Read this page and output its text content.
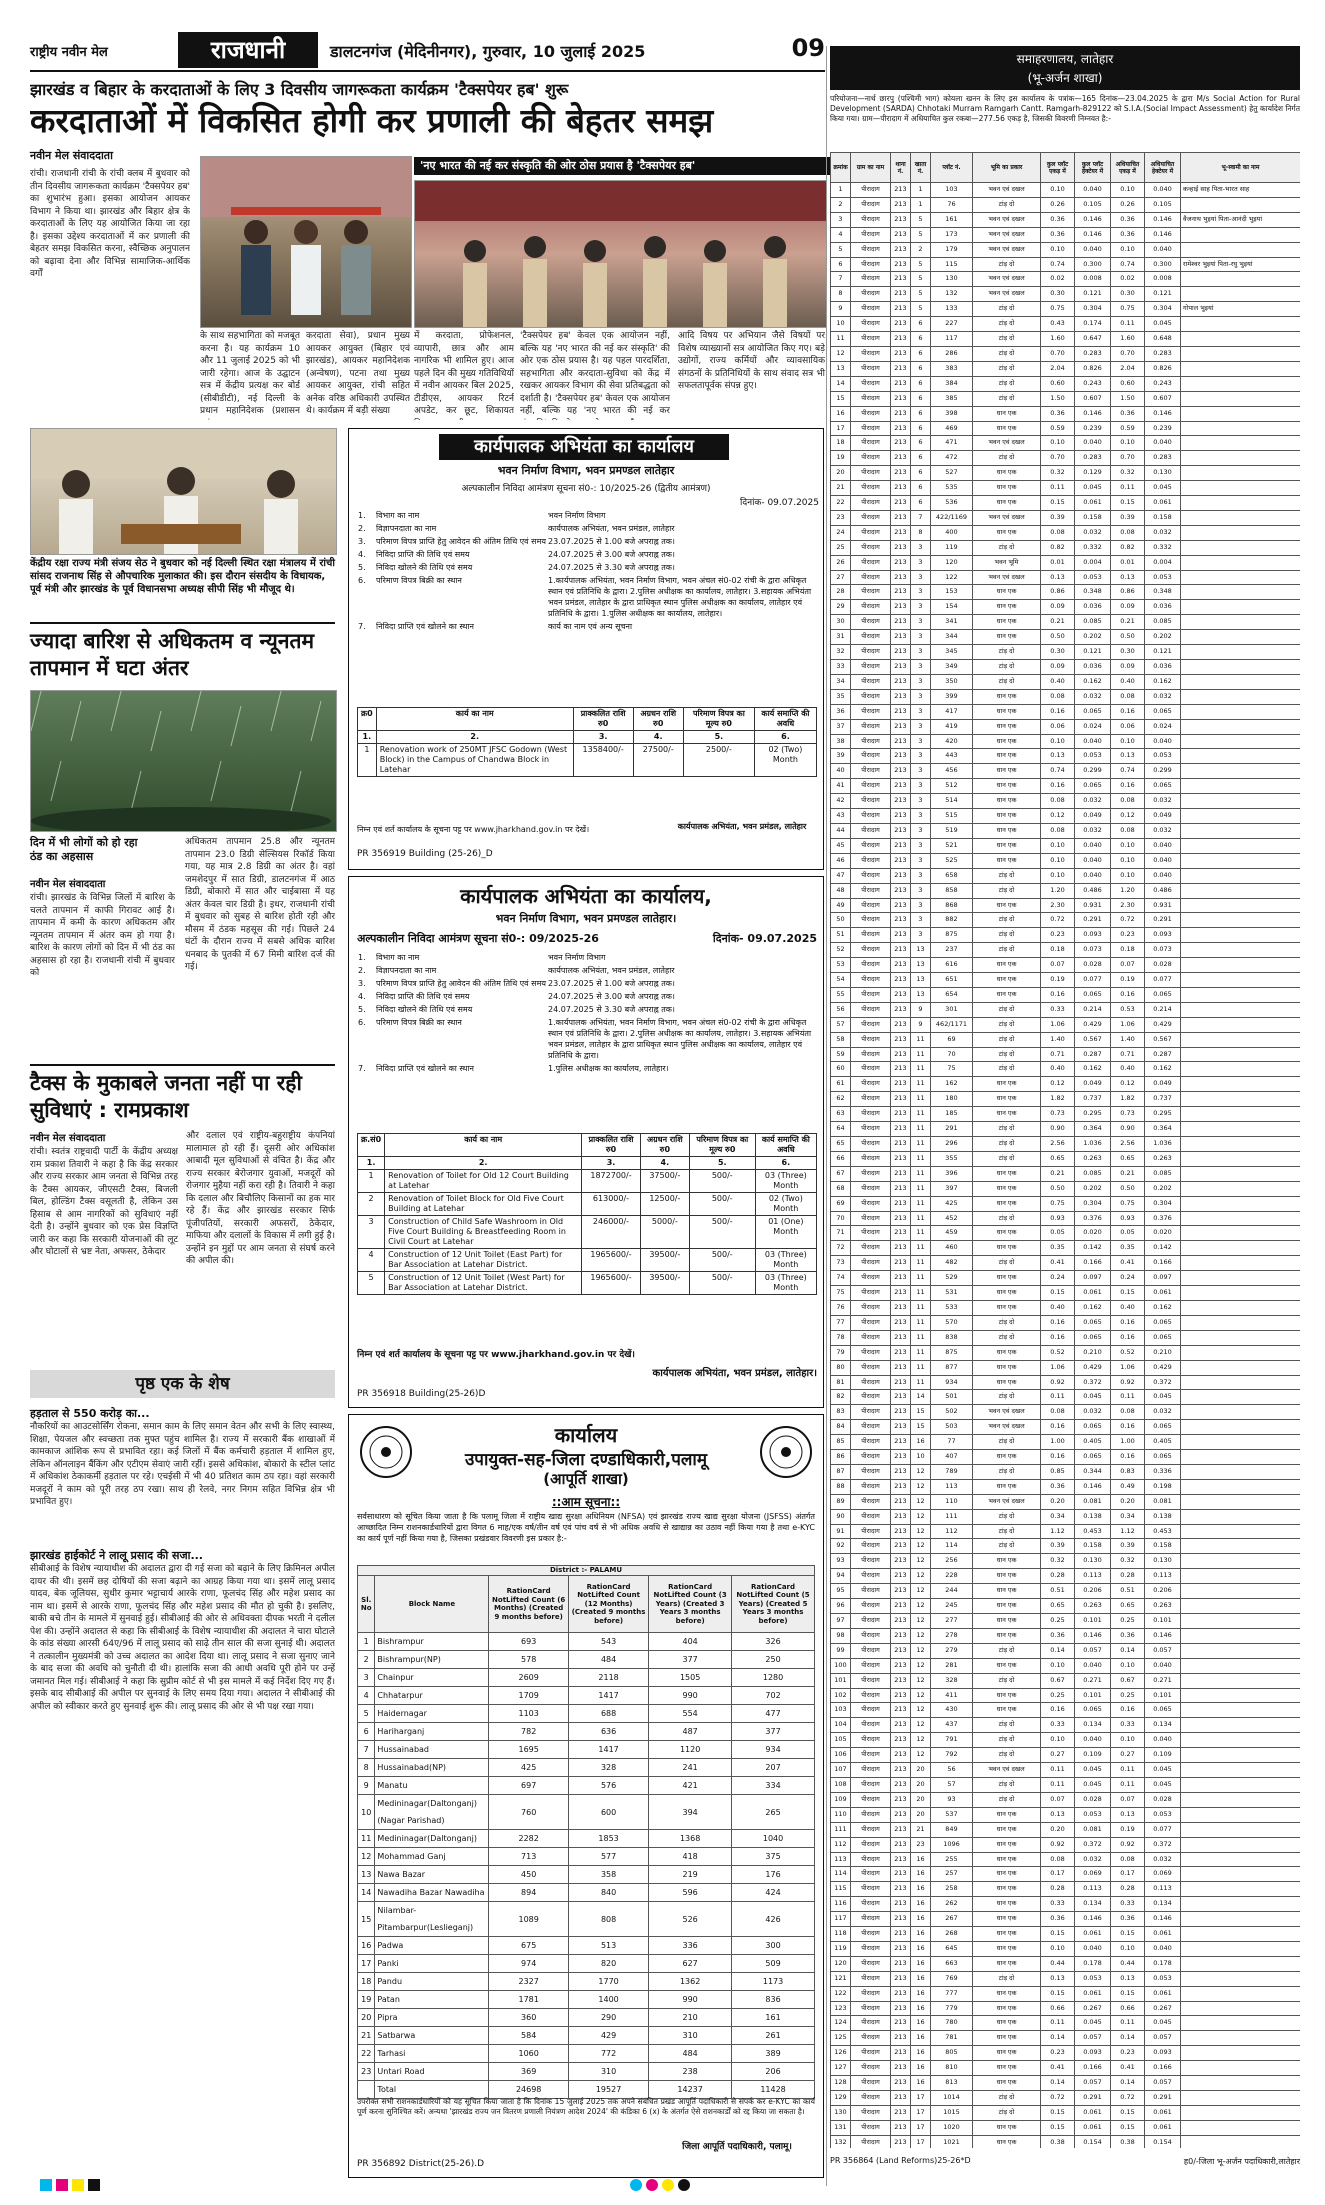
राष्ट्रीय नवीन मेल	राजधानी	डालटनगंज (मेदिनीनगर), गुरुवार, 10 जुलाई 2025	09
झारखंड व बिहार के करदाताओं के लिए 3 दिवसीय जागरूकता कार्यक्रम 'टैक्सपेयर हब' शुरू
करदाताओं में विकसित होगी कर प्रणाली की बेहतर समझ
नवीन मेल संवाददाता
रांची। राजधानी रांची के रांची क्लब में बुधवार को तीन दिवसीय जागरूकता कार्यक्रम 'टैक्सपेयर हब' का शुभारंभ हुआ। इसका आयोजन आयकर विभाग ने किया था। झारखंड और बिहार क्षेत्र के करदाताओं के लिए यह आयोजित किया जा रहा है। इसका उद्देश्य करदाताओं में कर प्रणाली की बेहतर समझ विकसित करना, स्वैच्छिक अनुपालन को बढ़ावा देना और विभिन्न सामाजिक-आर्थिक वर्गों
'नए भारत की नई कर संस्कृति की ओर ठोस प्रयास है 'टैक्सपेयर हब'
के साथ सहभागिता को मजबूत करना है। यह कार्यक्रम 10 और 11 जुलाई 2025 को भी जारी रहेगा। आज के उद्घाटन सत्र में केंद्रीय प्रत्यक्ष कर बोर्ड (सीबीडीटी), नई दिल्ली के प्रधान महानिदेशक (प्रशासन
करदाता सेवा), प्रधान मुख्य आयकर आयुक्त (बिहार एवं झारखंड), आयकर महानिदेशक (अन्वेषण), पटना तथा मुख्य आयकर आयुक्त, रांची सहित अनेक वरिष्ठ अधिकारी उपस्थित थे। कार्यक्रम में बड़ी संख्या
में करदाता, प्रोफेशनल, व्यापारी, छात्र और आम नागरिक भी शामिल हुए। आज पहले दिन की मुख्य गतिविधियों में नवीन आयकर बिल 2025, टीडीएस, आयकर रिटर्न अपडेट, कर छूट, शिकायत
'टैक्सपेयर हब' केवल एक आयोजन नहीं, बल्कि यह 'नए भारत की नई कर संस्कृति' की ओर एक ठोस प्रयास है। यह पहल पारदर्शिता, सहभागिता और करदाता-सुविधा को केंद्र में रखकर आयकर विभाग की सेवा प्रतिबद्धता को दर्शाती है। 'टैक्सपेयर हब' केवल एक आयोजन नहीं, बल्कि यह 'नए भारत की नई कर
आदि विषय पर अभियान जैसे विषयों पर विशेष व्याख्यानों सत्र आयोजित किए गए। बड़े उद्योगों, राज्य कर्मियों और व्यावसायिक संगठनों के प्रतिनिधियों के साथ संवाद सत्र भी सफलतापूर्वक संपन्न हुए।
केंद्रीय रक्षा राज्य मंत्री संजय सेठ ने बुधवार को नई दिल्ली स्थित रक्षा मंत्रालय में रांची सांसद राजनाथ सिंह से औपचारिक मुलाकात की। इस दौरान संसदीय के विधायक, पूर्व मंत्री और झारखंड के पूर्व विधानसभा अध्यक्ष सीपी सिंह भी मौजूद थे।
ज्यादा बारिश से अधिकतम व न्यूनतम तापमान में घटा अंतर
दिन में भी लोगों को हो रहा ठंड का अहसास
नवीन मेल संवाददाता
रांची। झारखंड के विभिन्न जिलों में बारिश के चलते तापमान में काफी गिरावट आई है। तापमान में कमी के कारण अधिकतम और न्यूनतम तापमान में अंतर कम हो गया है। बारिश के कारण लोगों को दिन में भी ठंड का अहसास हो रहा है। राजधानी रांची में बुधवार को
अधिकतम तापमान 25.8 और न्यूनतम तापमान 23.0 डिग्री सेल्सियस रिकॉर्ड किया गया, यह मात्र 2.8 डिग्री का अंतर है। वहां जमशेदपुर में सात डिग्री, डालटनगंज में आठ डिग्री, बोकारो में सात और चाईबासा में यह अंतर केवल चार डिग्री है। इधर, राजधानी रांची में बुधवार को सुबह से बारिश होती रही और मौसम में ठंडक महसूस की गई। पिछले 24 घंटों के दौरान राज्य में सबसे अधिक बारिश धनबाद के पुतकी में 67 मिमी बारिश दर्ज की गई।
टैक्स के मुकाबले जनता नहीं पा रही सुविधाएं : रामप्रकाश
नवीन मेल संवाददाता
रांची। स्वतंत्र राष्ट्रवादी पार्टी के केंद्रीय अध्यक्ष राम प्रकाश तिवारी ने कहा है कि केंद्र सरकार और राज्य सरकार आम जनता से विभिन्न तरह के टैक्स आयकर, जीएसटी टैक्स, बिजली बिल, होल्डिंग टैक्स वसूलती है, लेकिन उस हिसाब से आम नागरिकों को सुविधाएं नहीं देती है। उन्होंने बुधवार को एक प्रेस विज्ञप्ति जारी कर कहा कि सरकारी योजनाओं की लूट और घोटालों से भ्रष्ट नेता, अफसर, ठेकेदार
और दलाल एवं राष्ट्रीय-बहुराष्ट्रीय कंपनियां मालामाल हो रही हैं। दूसरी ओर अधिकांश आबादी मूल सुविधाओं से वंचित है। केंद्र और राज्य सरकार बेरोजगार युवाओं, मजदूरों को रोजगार मुहैया नहीं करा रही है। तिवारी ने कहा कि दलाल और बिचौलिए किसानों का हक मार रहे हैं। केंद्र और झारखंड सरकार सिर्फ पूंजीपतियों, सरकारी अफसरों, ठेकेदार, माफिया और दलालों के विकास में लगी हुई है। उन्होंने इन मुद्दों पर आम जनता से संघर्ष करने की अपील की।
पृष्ठ एक के शेष
हड़ताल से 550 करोड़ का...
नौकरियों का आउटसोर्सिंग रोकना, समान काम के लिए समान वेतन और सभी के लिए स्वास्थ्य, शिक्षा, पेयजल और स्वच्छता तक मुफ्त पहुंच शामिल है। राज्य में सरकारी बैंक शाखाओं में कामकाज आंशिक रूप से प्रभावित रहा। कई जिलों में बैंक कर्मचारी हड़ताल में शामिल हुए, लेकिन ऑनलाइन बैंकिंग और एटीएम सेवाएं जारी रहीं। इससे अधिकांश, बोकारो के स्टील प्लांट में अधिकांश ठेकाकर्मी हड़ताल पर रहे। एचईसी में भी 40 प्रतिशत काम ठप रहा। वहां सरकारी मजदूरों ने काम को पूरी तरह ठप रखा। साथ ही रेलवे, नगर निगम सहित विभिन्न क्षेत्र भी प्रभावित हुए।
झारखंड हाईकोर्ट ने लालू प्रसाद की सजा...
सीबीआई के विशेष न्यायाधीश की अदालत द्वारा दी गई सजा को बढ़ाने के लिए क्रिमिनल अपील दायर की थी। इसमें छह दोषियों की सजा बढ़ाने का आग्रह किया गया था। इसमें लालू प्रसाद यादव, बेक जूलियस, सुधीर कुमार भट्टाचार्य आरके राणा, फूलचंद सिंह और महेश प्रसाद का नाम था। इसमें से आरके राणा, फूलचंद सिंह और महेश प्रसाद की मौत हो चुकी है। इसलिए, बाकी बचे तीन के मामले में सुनवाई हुई। सीबीआई की ओर से अधिवक्ता दीपक भरती ने दलील पेश की। उन्होंने अदालत से कहा कि सीबीआई के विशेष न्यायाधीश की अदालत ने चारा घोटाले के कांड संख्या आरसी 64ए/96 में लालू प्रसाद को साढ़े तीन साल की सजा सुनाई थी। अदालत ने तत्कालीन मुख्यमंत्री को उच्च अदालत का आदेश दिया था। लालू प्रसाद ने सजा सुनाए जाने के बाद सजा की अवधि को चुनौती दी थी। हालांकि सजा की आधी अवधि पूरी होने पर उन्हें जमानत मिल गई। सीबीआई ने कहा कि सुप्रीम कोर्ट से भी इस मामले में कई निर्देश दिए गए हैं। इसके बाद सीबीआई की अपील पर सुनवाई के लिए समय दिया गया। अदालत ने सीबीआई की अपील को स्वीकार करते हुए सुनवाई शुरू की। लालू प्रसाद की ओर से भी पक्ष रखा गया।
कार्यपालक अभियंता का कार्यालय
भवन निर्माण विभाग, भवन प्रमण्डल लातेहार
अल्पकालीन निविदा आमंत्रण सूचना सं0-: 10/2025-26 (द्वितीय आमंत्रण)
दिनांक- 09.07.2025
1.	विभाग का नाम	भवन निर्माण विभाग
2.	विज्ञापनदाता का नाम	कार्यपालक अभियंता, भवन प्रमंडल, लातेहार
3.	परिमाण विपत्र प्राप्ति हेतु आवेदन की अंतिम तिथि एवं समय	23.07.2025 से 1.00 बजे अपराह्न तक।
4.	निविदा प्राप्ति की तिथि एवं समय	24.07.2025 से 3.00 बजे अपराह्न तक।
5.	निविदा खोलने की तिथि एवं समय	24.07.2025 से 3.30 बजे अपराह्न तक।
6.	परिमाण विपत्र बिक्री का स्थान	1.कार्यपालक अभियंता, भवन निर्माण विभाग, भवन अंचल सं0-02 रांची के द्वारा अधिकृत स्थान एवं प्रतिनिधि के द्वारा। 2.पुलिस अधीक्षक का कार्यालय, लातेहार। 3.सहायक अभियंता भवन प्रमंडल, लातेहार के द्वारा प्राधिकृत स्थान पुलिस अधीक्षक का कार्यालय, लातेहार एवं प्रतिनिधि के द्वारा। 1.पुलिस अधीक्षक का कार्यालय, लातेहार।
7.	निविदा प्राप्ति एवं खोलने का स्थान	कार्य का नाम एवं अन्य सूचना
क्र0	कार्य का नाम	प्राक्कलित राशि रु0	अग्रधन राशि रु0	परिमाण विपत्र का मूल्य रु0	कार्य समाप्ति की अवधि
1.	2.	3.	4.	5.	6.
1	Renovation work of 250MT JFSC Godown (West Block) in the Campus of Chandwa Block in Latehar	1358400/-	27500/-	2500/-	02 (Two) Month
निम्न एवं शर्त कार्यालय के सूचना पट्ट पर www.jharkhand.gov.in पर देखें।	कार्यपालक अभियंता, भवन प्रमंडल, लातेहार
PR 356919 Building (25-26)_D
कार्यपालक अभियंता का कार्यालय,
भवन निर्माण विभाग, भवन प्रमण्डल लातेहार।
अल्पकालीन निविदा आमंत्रण सूचना सं0-: 09/2025-26	दिनांक- 09.07.2025
1.	विभाग का नाम	भवन निर्माण विभाग
2.	विज्ञापनदाता का नाम	कार्यपालक अभियंता, भवन प्रमंडल, लातेहार
3.	परिमाण विपत्र प्राप्ति हेतु आवेदन की अंतिम तिथि एवं समय	23.07.2025 से 1.00 बजे अपराह्न तक।
4.	निविदा प्राप्ति की तिथि एवं समय	24.07.2025 से 3.00 बजे अपराह्न तक।
5.	निविदा खोलने की तिथि एवं समय	24.07.2025 से 3.30 बजे अपराह्न तक।
6.	परिमाण विपत्र बिक्री का स्थान	1.कार्यपालक अभियंता, भवन निर्माण विभाग, भवन अंचल सं0-02 रांची के द्वारा अधिकृत स्थान एवं प्रतिनिधि के द्वारा। 2.पुलिस अधीक्षक का कार्यालय, लातेहार। 3.सहायक अभियंता भवन प्रमंडल, लातेहार के द्वारा प्राधिकृत स्थान पुलिस अधीक्षक का कार्यालय, लातेहार एवं प्रतिनिधि के द्वारा।
7.	निविदा प्राप्ति एवं खोलने का स्थान	1.पुलिस अधीक्षक का कार्यालय, लातेहार।
क्र.सं0	कार्य का नाम	प्राक्कलित राशि रु0	अग्रधन राशि रु0	परिमाण विपत्र का मूल्य रु0	कार्य समाप्ति की अवधि
1.	2.	3.	4.	5.	6.
1	Renovation of Toilet for Old 12 Court Building at Latehar	1872700/-	37500/-	500/-	03 (Three) Month
2	Renovation of Toilet Block for Old Five Court Building at Latehar	613000/-	12500/-	500/-	02 (Two) Month
3	Construction of Child Safe Washroom in Old Five Court Building & Breastfeeding Room in Civil Court at Latehar	246000/-	5000/-	500/-	01 (One) Month
4	Construction of 12 Unit Toilet (East Part) for Bar Association at Latehar District.	1965600/-	39500/-	500/-	03 (Three) Month
5	Construction of 12 Unit Toilet (West Part) for Bar Association at Latehar District.	1965600/-	39500/-	500/-	03 (Three) Month
निम्न एवं शर्त कार्यालय के सूचना पट्ट पर www.jharkhand.gov.in पर देखें।
कार्यपालक अभियंता, भवन प्रमंडल, लातेहार।
PR 356918 Building(25-26)D
कार्यालय
उपायुक्त-सह-जिला दण्डाधिकारी,पलामू
(आपूर्ति शाखा)
::आम सूचना::
सर्वसाधारण को सूचित किया जाता है कि पलामू जिला में राष्ट्रीय खाद्य सुरक्षा अधिनियम (NFSA) एवं झारखंड राज्य खाद्य सुरक्षा योजना (JSFSS) अंतर्गत आच्छादित निम्न राशनकार्डधारियों द्वारा विगत 6 माह/एक वर्ष/तीन वर्ष एवं पांच वर्ष से भी अधिक अवधि से खाद्यान्न का उठाव नहीं किया गया है तथा e-KYC का कार्य पूर्ण नहीं किया गया है, जिसका प्रखंडवार विवरणी इस प्रकार है:-
District :- PALAMU					
Sl. No	Block Name	RationCard NotLifted Count (6 Months) (Created 9 months before)	RationCard NotLifted Count (12 Months) (Created 9 months before)	RationCard NotLifted Count (3 Years) (Created 3 Years 3 months before)	RationCard NotLifted Count (5 Years) (Created 5 Years 3 months before)
1	Bishrampur	693	543	404	326
2	Bishrampur(NP)	578	484	377	250
3	Chainpur	2609	2118	1505	1280
4	Chhatarpur	1709	1417	990	702
5	Haidernagar	1103	688	554	477
6	Hariharganj	782	636	487	377
7	Hussainabad	1695	1417	1120	934
8	Hussainabad(NP)	425	328	241	207
9	Manatu	697	576	421	334
10	Medininagar(Daltonganj)(Nagar Parishad)	760	600	394	265
11	Medininagar(Daltonganj)	2282	1853	1368	1040
12	Mohammad Ganj	713	577	418	375
13	Nawa Bazar	450	358	219	176
14	Nawadiha Bazar Nawadiha	894	840	596	424
15	Nilambar-Pitambarpur(Leslieganj)	1089	808	526	426
16	Padwa	675	513	336	300
17	Panki	974	820	627	509
18	Pandu	2327	1770	1362	1173
19	Patan	1781	1400	990	836
20	Pipra	360	290	210	161
21	Satbarwa	584	429	310	261
22	Tarhasi	1060	772	484	389
23	Untari Road	369	310	238	206
	Total	24698	19527	14237	11428
उपरोक्त सभी राशनकार्डधारियों को यह सूचित किया जाता है कि दिनांक 15 जुलाई 2025 तक अपने संबंधित प्रखंड आपूर्ति पदाधिकारी से संपर्क कर e-KYC का कार्य पूर्ण करना सुनिश्चित करें। अन्यथा 'झारखंड राज्य जन वितरण प्रणाली नियंत्रण आदेश 2024' की कंडिका 6 (x) के अंतर्गत ऐसे राशनकार्डों को रद्द किया जा सकता है।
जिला आपूर्ति पदाधिकारी, पलामू।
PR 356892 District(25-26).D
समाहरणालय, लातेहार
(भू-अर्जन शाखा)
परियोजना—नार्थ छारपु (पश्चिमी भाग) कोयला खनन के लिए इस कार्यालय के पत्रांक—165 दिनांक—23.04.2025 के द्वारा M/s Social Action for Rural Development (SARDA) Chhotaki Murram Ramgarh Cantt. Ramgarh-829122 को S.I.A.(Social Impact Assessment) हेतु कार्यादेश निर्गत किया गया। ग्राम—पीरादाग में अधियाचित कुल रकबा—277.56 एकड़ है, जिसकी विवरणी निम्नवत है:-
क्रमांक	ग्राम का नाम	थाना नं.	खाता नं.	प्लॉट नं.	भूमि का प्रकार	कुल प्लॉट एकड़ में	कुल प्लॉट हेक्टेयर में	अधियाचित एकड़ में	अधियाचित हेक्टेयर में	भू-स्वामी का नाम
1	पीरादाग	213	1	103	भवन एवं दखल	0.10	0.040	0.10	0.040	कन्हाई साह पिता-भारत साह
2	पीरादाग	213	1	76	टांड़ दो	0.26	0.105	0.26	0.105	
3	पीरादाग	213	5	161	भवन एवं दखल	0.36	0.146	0.36	0.146	वैजनाथ भुइयां पिता-आनंदी भुइयां
4	पीरादाग	213	5	173	भवन एवं दखल	0.36	0.146	0.36	0.146	
5	पीरादाग	213	2	179	भवन एवं दखल	0.10	0.040	0.10	0.040	
6	पीरादाग	213	5	115	टांड़ दो	0.74	0.300	0.74	0.300	रामेश्वर भुइयां पिता-रघु भुइयां
7	पीरादाग	213	5	130	भवन एवं दखल	0.02	0.008	0.02	0.008	
8	पीरादाग	213	5	132	भवन एवं दखल	0.30	0.121	0.30	0.121	
9	पीरादाग	213	5	133	टांड़ दो	0.75	0.304	0.75	0.304	गोपाल भुइयां
10	पीरादाग	213	6	227	टांड़ दो	0.43	0.174	0.11	0.045	
11	पीरादाग	213	6	117	टांड़ दो	1.60	0.647	1.60	0.648	
12	पीरादाग	213	6	286	टांड़ दो	0.70	0.283	0.70	0.283	
13	पीरादाग	213	6	383	टांड़ दो	2.04	0.826	2.04	0.826	
14	पीरादाग	213	6	384	टांड़ दो	0.60	0.243	0.60	0.243	
15	पीरादाग	213	6	385	टांड़ दो	1.50	0.607	1.50	0.607	
16	पीरादाग	213	6	398	धान एक	0.36	0.146	0.36	0.146	
17	पीरादाग	213	6	469	धान एक	0.59	0.239	0.59	0.239	
18	पीरादाग	213	6	471	भवन एवं दखल	0.10	0.040	0.10	0.040	
19	पीरादाग	213	6	472	टांड़ दो	0.70	0.283	0.70	0.283	
20	पीरादाग	213	6	527	धान एक	0.32	0.129	0.32	0.130	
21	पीरादाग	213	6	535	धान एक	0.11	0.045	0.11	0.045	
22	पीरादाग	213	6	536	धान एक	0.15	0.061	0.15	0.061	
23	पीरादाग	213	7	422/1169	भवन एवं दखल	0.39	0.158	0.39	0.158	
24	पीरादाग	213	8	400	धान एक	0.08	0.032	0.08	0.032	
25	पीरादाग	213	3	119	टांड़ दो	0.82	0.332	0.82	0.332	
26	पीरादाग	213	3	120	भवन भूमि	0.01	0.004	0.01	0.004	
27	पीरादाग	213	3	122	भवन एवं दखल	0.13	0.053	0.13	0.053	
28	पीरादाग	213	3	153	धान एक	0.86	0.348	0.86	0.348	
29	पीरादाग	213	3	154	धान एक	0.09	0.036	0.09	0.036	
30	पीरादाग	213	3	341	धान एक	0.21	0.085	0.21	0.085	
31	पीरादाग	213	3	344	धान एक	0.50	0.202	0.50	0.202	
32	पीरादाग	213	3	345	टांड़ दो	0.30	0.121	0.30	0.121	
33	पीरादाग	213	3	349	टांड़ दो	0.09	0.036	0.09	0.036	
34	पीरादाग	213	3	350	टांड़ दो	0.40	0.162	0.40	0.162	
35	पीरादाग	213	3	399	धान एक	0.08	0.032	0.08	0.032	
36	पीरादाग	213	3	417	धान एक	0.16	0.065	0.16	0.065	
37	पीरादाग	213	3	419	धान एक	0.06	0.024	0.06	0.024	
38	पीरादाग	213	3	420	धान एक	0.10	0.040	0.10	0.040	
39	पीरादाग	213	3	443	धान एक	0.13	0.053	0.13	0.053	
40	पीरादाग	213	3	456	धान एक	0.74	0.299	0.74	0.299	
41	पीरादाग	213	3	512	धान एक	0.16	0.065	0.16	0.065	
42	पीरादाग	213	3	514	धान एक	0.08	0.032	0.08	0.032	
43	पीरादाग	213	3	515	धान एक	0.12	0.049	0.12	0.049	
44	पीरादाग	213	3	519	धान एक	0.08	0.032	0.08	0.032	
45	पीरादाग	213	3	521	धान एक	0.10	0.040	0.10	0.040	
46	पीरादाग	213	3	525	धान एक	0.10	0.040	0.10	0.040	
47	पीरादाग	213	3	658	टांड़ दो	0.10	0.040	0.10	0.040	
48	पीरादाग	213	3	858	टांड़ दो	1.20	0.486	1.20	0.486	
49	पीरादाग	213	3	868	धान एक	2.30	0.931	2.30	0.931	
50	पीरादाग	213	3	882	टांड़ दो	0.72	0.291	0.72	0.291	
51	पीरादाग	213	3	875	टांड़ दो	0.23	0.093	0.23	0.093	
52	पीरादाग	213	13	237	टांड़ दो	0.18	0.073	0.18	0.073	
53	पीरादाग	213	13	616	धान एक	0.07	0.028	0.07	0.028	
54	पीरादाग	213	13	651	धान एक	0.19	0.077	0.19	0.077	
55	पीरादाग	213	13	654	धान एक	0.16	0.065	0.16	0.065	
56	पीरादाग	213	9	301	टांड़ दो	0.33	0.214	0.53	0.214	
57	पीरादाग	213	9	462/1171	टांड़ दो	1.06	0.429	1.06	0.429	
58	पीरादाग	213	11	69	टांड़ दो	1.40	0.567	1.40	0.567	
59	पीरादाग	213	11	70	टांड़ दो	0.71	0.287	0.71	0.287	
60	पीरादाग	213	11	75	टांड़ दो	0.40	0.162	0.40	0.162	
61	पीरादाग	213	11	162	धान एक	0.12	0.049	0.12	0.049	
62	पीरादाग	213	11	180	धान एक	1.82	0.737	1.82	0.737	
63	पीरादाग	213	11	185	धान एक	0.73	0.295	0.73	0.295	
64	पीरादाग	213	11	291	टांड़ दो	0.90	0.364	0.90	0.364	
65	पीरादाग	213	11	296	टांड़ दो	2.56	1.036	2.56	1.036	
66	पीरादाग	213	11	355	टांड़ दो	0.65	0.263	0.65	0.263	
67	पीरादाग	213	11	396	धान एक	0.21	0.085	0.21	0.085	
68	पीरादाग	213	11	397	धान एक	0.50	0.202	0.50	0.202	
69	पीरादाग	213	11	425	धान एक	0.75	0.304	0.75	0.304	
70	पीरादाग	213	11	452	टांड़ दो	0.93	0.376	0.93	0.376	
71	पीरादाग	213	11	459	धान एक	0.05	0.020	0.05	0.020	
72	पीरादाग	213	11	460	धान एक	0.35	0.142	0.35	0.142	
73	पीरादाग	213	11	482	टांड़ दो	0.41	0.166	0.41	0.166	
74	पीरादाग	213	11	529	धान एक	0.24	0.097	0.24	0.097	
75	पीरादाग	213	11	531	धान एक	0.15	0.061	0.15	0.061	
76	पीरादाग	213	11	533	धान एक	0.40	0.162	0.40	0.162	
77	पीरादाग	213	11	570	टांड़ दो	0.16	0.065	0.16	0.065	
78	पीरादाग	213	11	838	टांड़ दो	0.16	0.065	0.16	0.065	
79	पीरादाग	213	11	875	धान एक	0.52	0.210	0.52	0.210	
80	पीरादाग	213	11	877	धान एक	1.06	0.429	1.06	0.429	
81	पीरादाग	213	11	934	धान एक	0.92	0.372	0.92	0.372	
82	पीरादाग	213	14	501	टांड़ दो	0.11	0.045	0.11	0.045	
83	पीरादाग	213	15	502	भवन एवं दखल	0.08	0.032	0.08	0.032	
84	पीरादाग	213	15	503	भवन एवं दखल	0.16	0.065	0.16	0.065	
85	पीरादाग	213	16	77	टांड़ दो	1.00	0.405	1.00	0.405	
86	पीरादाग	213	10	407	धान एक	0.16	0.065	0.16	0.065	
87	पीरादाग	213	12	789	टांड़ दो	0.85	0.344	0.83	0.336	
88	पीरादाग	213	12	113	धान एक	0.36	0.146	0.49	0.198	
89	पीरादाग	213	12	110	भवन एवं दखल	0.20	0.081	0.20	0.081	
90	पीरादाग	213	12	111	टांड़ दो	0.34	0.138	0.34	0.138	
91	पीरादाग	213	12	112	टांड़ दो	1.12	0.453	1.12	0.453	
92	पीरादाग	213	12	114	टांड़ दो	0.39	0.158	0.39	0.158	
93	पीरादाग	213	12	256	धान एक	0.32	0.130	0.32	0.130	
94	पीरादाग	213	12	228	धान एक	0.28	0.113	0.28	0.113	
95	पीरादाग	213	12	244	धान एक	0.51	0.206	0.51	0.206	
96	पीरादाग	213	12	245	धान एक	0.65	0.263	0.65	0.263	
97	पीरादाग	213	12	277	धान एक	0.25	0.101	0.25	0.101	
98	पीरादाग	213	12	278	धान एक	0.36	0.146	0.36	0.146	
99	पीरादाग	213	12	279	टांड़ दो	0.14	0.057	0.14	0.057	
100	पीरादाग	213	12	281	धान एक	0.10	0.040	0.10	0.040	
101	पीरादाग	213	12	328	टांड़ दो	0.67	0.271	0.67	0.271	
102	पीरादाग	213	12	411	धान एक	0.25	0.101	0.25	0.101	
103	पीरादाग	213	12	430	धान एक	0.16	0.065	0.16	0.065	
104	पीरादाग	213	12	437	टांड़ दो	0.33	0.134	0.33	0.134	
105	पीरादाग	213	12	791	टांड़ दो	0.10	0.040	0.10	0.040	
106	पीरादाग	213	12	792	टांड़ दो	0.27	0.109	0.27	0.109	
107	पीरादाग	213	20	56	भवन एवं दखल	0.11	0.045	0.11	0.045	
108	पीरादाग	213	20	57	टांड़ दो	0.11	0.045	0.11	0.045	
109	पीरादाग	213	20	93	टांड़ दो	0.07	0.028	0.07	0.028	
110	पीरादाग	213	20	537	धान एक	0.13	0.053	0.13	0.053	
111	पीरादाग	213	21	849	धान एक	0.20	0.081	0.19	0.077	
112	पीरादाग	213	23	1096	धान एक	0.92	0.372	0.92	0.372	
113	पीरादाग	213	16	255	धान एक	0.08	0.032	0.08	0.032	
114	पीरादाग	213	16	257	धान एक	0.17	0.069	0.17	0.069	
115	पीरादाग	213	16	258	धान एक	0.28	0.113	0.28	0.113	
116	पीरादाग	213	16	262	धान एक	0.33	0.134	0.33	0.134	
117	पीरादाग	213	16	267	धान एक	0.36	0.146	0.36	0.146	
118	पीरादाग	213	16	268	धान एक	0.15	0.061	0.15	0.061	
119	पीरादाग	213	16	645	धान एक	0.10	0.040	0.10	0.040	
120	पीरादाग	213	16	663	धान एक	0.44	0.178	0.44	0.178	
121	पीरादाग	213	16	769	टांड़ दो	0.13	0.053	0.13	0.053	
122	पीरादाग	213	16	777	धान एक	0.15	0.061	0.15	0.061	
123	पीरादाग	213	16	779	धान एक	0.66	0.267	0.66	0.267	
124	पीरादाग	213	16	780	धान एक	0.11	0.045	0.11	0.045	
125	पीरादाग	213	16	781	धान एक	0.14	0.057	0.14	0.057	
126	पीरादाग	213	16	805	धान एक	0.23	0.093	0.23	0.093	
127	पीरादाग	213	16	810	धान एक	0.41	0.166	0.41	0.166	
128	पीरादाग	213	16	813	धान एक	0.14	0.057	0.14	0.057	
129	पीरादाग	213	17	1014	टांड़ दो	0.72	0.291	0.72	0.291	
130	पीरादाग	213	17	1015	टांड़ दो	0.15	0.061	0.15	0.061	
131	पीरादाग	213	17	1020	धान एक	0.15	0.061	0.15	0.061	
132	पीरादाग	213	17	1021	धान एक	0.38	0.154	0.38	0.154	

PR 356864 (Land Reforms)25-26*D	ह0/-जिला भू-अर्जन पदाधिकारी,लातेहार
